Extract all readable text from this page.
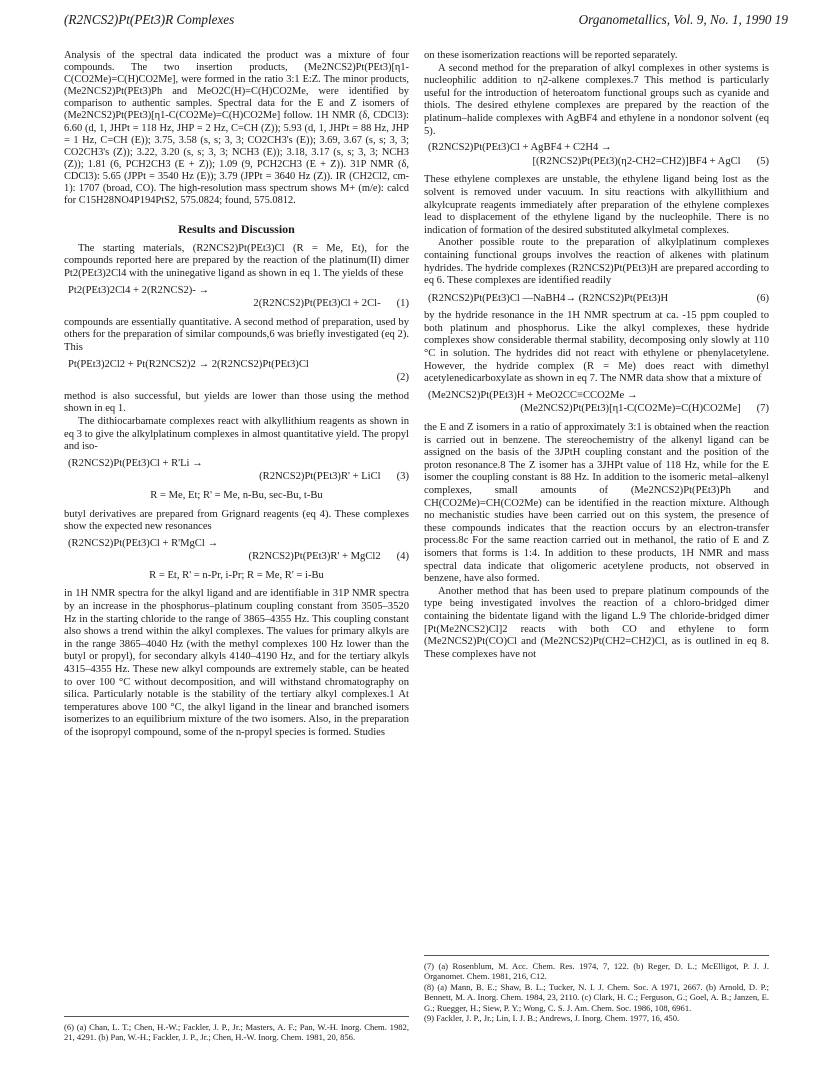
(R2NCS2)Pt(PEt3)R Complexes	Organometallics, Vol. 9, No. 1, 1990 19

Analysis of the spectral data indicated the product was a mixture of four compounds. The two insertion products, (Me2NCS2)Pt(PEt3)[η1-C(CO2Me)=C(H)CO2Me], were formed in the ratio 3:1 E:Z. The minor products, (Me2NCS2)Pt(PEt3)Ph and MeO2C(H)=C(H)CO2Me, were identified by comparison to authentic samples. Spectral data for the E and Z isomers of (Me2NCS2)Pt(PEt3)[η1-C(CO2Me)=C(H)CO2Me] follow. 1H NMR (δ, CDCl3): 6.60 (d, 1, JHPt = 118 Hz, JHP = 2 Hz, C=CH (Z)); 5.93 (d, 1, JHPt = 88 Hz, JHP = 1 Hz, C=CH (E)); 3.75, 3.58 (s, s; 3, 3; CO2CH3's (E)); 3.69, 3.67 (s, s; 3, 3; CO2CH3's (Z)); 3.22, 3.20 (s, s; 3, 3; NCH3 (E)); 3.18, 3.17 (s, s; 3, 3; NCH3 (Z)); 1.81 (6, PCH2CH3 (E + Z)); 1.09 (9, PCH2CH3 (E + Z)). 31P NMR (δ, CDCl3): 5.65 (JPPt = 3540 Hz (E)); 3.79 (JPPt = 3640 Hz (Z)). IR (CH2Cl2, cm-1): 1707 (broad, CO). The high-resolution mass spectrum shows M+ (m/e): calcd for C15H28NO4P194PtS2, 575.0824; found, 575.0812.

Results and Discussion

The starting materials, (R2NCS2)Pt(PEt3)Cl (R = Me, Et), for the compounds reported here are prepared by the reaction of the platinum(II) dimer Pt2(PEt3)2Cl4 with the uninegative ligand as shown in eq 1. The yields of these

Pt2(PEt3)2Cl4 + 2(R2NCS2)- →
2(R2NCS2)Pt(PEt3)Cl + 2Cl-	(1)

compounds are essentially quantitative. A second method of preparation, used by others for the preparation of similar compounds,6 was briefly investigated (eq 2). This

Pt(PEt3)2Cl2 + Pt(R2NCS2)2 → 2(R2NCS2)Pt(PEt3)Cl
(2)

method is also successful, but yields are lower than those using the method shown in eq 1.

The dithiocarbamate complexes react with alkyllithium reagents as shown in eq 3 to give the alkylplatinum complexes in almost quantitative yield. The propyl and iso-

(R2NCS2)Pt(PEt3)Cl + R'Li →
(R2NCS2)Pt(PEt3)R' + LiCl	(3)
R = Me, Et; R' = Me, n-Bu, sec-Bu, t-Bu

butyl derivatives are prepared from Grignard reagents (eq 4). These complexes show the expected new resonances

(R2NCS2)Pt(PEt3)Cl + R'MgCl →
(R2NCS2)Pt(PEt3)R' + MgCl2	(4)
R = Et, R' = n-Pr, i-Pr; R = Me, R' = i-Bu

in 1H NMR spectra for the alkyl ligand and are identifiable in 31P NMR spectra by an increase in the phosphorus–platinum coupling constant from 3505–3520 Hz in the starting chloride to the range of 3865–4355 Hz. This coupling constant also shows a trend within the alkyl complexes. The values for primary alkyls are in the range 3865–4040 Hz (with the methyl complexes 100 Hz lower than the butyl or propyl), for secondary alkyls 4140–4190 Hz, and for the tertiary alkyls 4315–4355 Hz. These new alkyl compounds are extremely stable, can be heated to over 100 °C without decomposition, and will withstand chromatography on silica. Particularly notable is the stability of the tertiary alkyl complexes.1 At temperatures above 100 °C, the alkyl ligand in the linear and branched isomers isomerizes to an equilibrium mixture of the two isomers. Also, in the preparation of the isopropyl compound, some of the n-propyl species is formed. Studies

(6) (a) Chan, L. T.; Chen, H.-W.; Fackler, J. P., Jr.; Masters, A. F.; Pan, W.-H. Inorg. Chem. 1982, 21, 4291. (b) Pan, W.-H.; Fackler, J. P., Jr.; Chen, H.-W. Inorg. Chem. 1981, 20, 856.

on these isomerization reactions will be reported separately.

A second method for the preparation of alkyl complexes in other systems is nucleophilic addition to η2-alkene complexes.7 This method is particularly useful for the introduction of heteroatom functional groups such as cyanide and thiols. The desired ethylene complexes are prepared by the reaction of the platinum–halide complexes with AgBF4 and ethylene in a nondonor solvent (eq 5).

(R2NCS2)Pt(PEt3)Cl + AgBF4 + C2H4 →
[(R2NCS2)Pt(PEt3)(η2-CH2=CH2)]BF4 + AgCl	(5)

These ethylene complexes are unstable, the ethylene ligand being lost as the solvent is removed under vacuum. In situ reactions with alkyllithium and alkylcuprate reagents immediately after preparation of the ethylene complexes lead to displacement of the ethylene ligand by the nucleophile. There is no indication of formation of the desired substituted alkylmetal complexes.

Another possible route to the preparation of alkylplatinum complexes containing functional groups involves the reaction of alkenes with platinum hydrides. The hydride complexes (R2NCS2)Pt(PEt3)H are prepared according to eq 6. These complexes are identified readily

(R2NCS2)Pt(PEt3)Cl —NaBH4→ (R2NCS2)Pt(PEt3)H	(6)

by the hydride resonance in the 1H NMR spectrum at ca. -15 ppm coupled to both platinum and phosphorus. Like the alkyl complexes, these hydride complexes show considerable thermal stability, decomposing only slowly at 110 °C in solution. The hydrides did not react with ethylene or phenylacetylene. However, the hydride complex (R = Me) does react with dimethyl acetylenedicarboxylate as shown in eq 7. The NMR data show that a mixture of

(Me2NCS2)Pt(PEt3)H + MeO2CC≡CCO2Me →
(Me2NCS2)Pt(PEt3)[η1-C(CO2Me)=C(H)CO2Me]	(7)

the E and Z isomers in a ratio of approximately 3:1 is obtained when the reaction is carried out in benzene. The stereochemistry of the alkenyl ligand can be assigned on the basis of the 3JPtH coupling constant and the position of the proton resonance.8 The Z isomer has a 3JHPt value of 118 Hz, while for the E isomer the coupling constant is 88 Hz. In addition to the isomeric metal–alkenyl complexes, small amounts of (Me2NCS2)Pt(PEt3)Ph and CH(CO2Me)=CH(CO2Me) can be identified in the reaction mixture. Although no mechanistic studies have been carried out on this system, the presence of these compounds indicates that the reaction occurs by an electron-transfer process.8c For the same reaction carried out in methanol, the ratio of E and Z isomers that forms is 1:4. In addition to these products, 1H NMR and mass spectral data indicate that oligomeric acetylene products, not observed in benzene, have also formed.

Another method that has been used to prepare platinum compounds of the type being investigated involves the reaction of a chloro-bridged dimer containing the bidentate ligand with the ligand L.9 The chloride-bridged dimer [Pt(Me2NCS2)Cl]2 reacts with both CO and ethylene to form (Me2NCS2)Pt(CO)Cl and (Me2NCS2)Pt(CH2=CH2)Cl, as is outlined in eq 8. These complexes have not

(7) (a) Rosenblum, M. Acc. Chem. Res. 1974, 7, 122. (b) Reger, D. L.; McElligot, P. J. J. Organomet. Chem. 1981, 216, C12.

(8) (a) Mann, B. E.; Shaw, B. L.; Tucker, N. I. J. Chem. Soc. A 1971, 2667. (b) Arnold, D. P.; Bennett, M. A. Inorg. Chem. 1984, 23, 2110. (c) Clark, H. C.; Ferguson, G.; Goel, A. B.; Janzen, E. G.; Ruegger, H.; Siew, P. Y.; Wong, C. S. J. Am. Chem. Soc. 1986, 108, 6961.

(9) Fackler, J. P., Jr.; Lin, I. J. B.; Andrews, J. Inorg. Chem. 1977, 16, 450.
